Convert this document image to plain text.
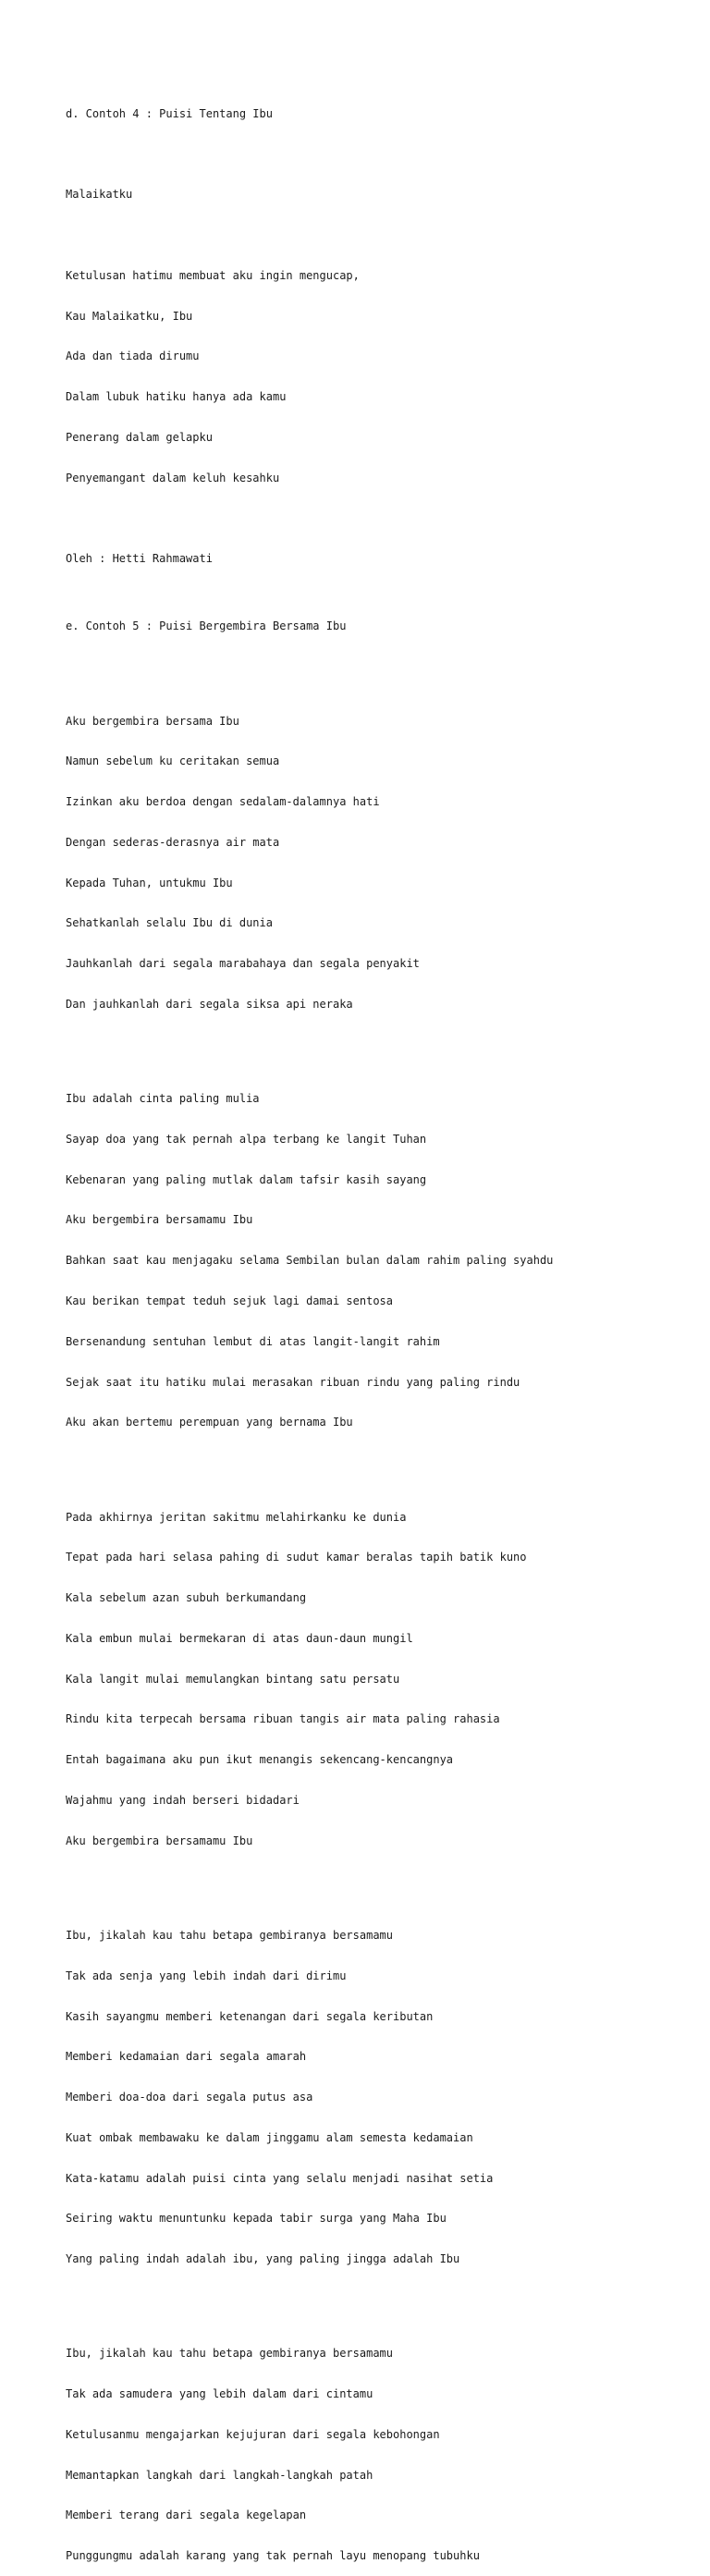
d. Contoh 4 : Puisi Tentang Ibu

Malaikatku

Ketulusan hatimu membuat aku ingin mengucap,

Kau Malaikatku, Ibu

Ada dan tiada dirumu

Dalam lubuk hatiku hanya ada kamu

Penerang dalam gelapku

Penyemangant dalam keluh kesahku

Oleh : Hetti Rahmawati

e. Contoh 5 : Puisi Bergembira Bersama Ibu

Aku bergembira bersama Ibu

Namun sebelum ku ceritakan semua

Izinkan aku berdoa dengan sedalam-dalamnya hati

Dengan sederas-derasnya air mata

Kepada Tuhan, untukmu Ibu

Sehatkanlah selalu Ibu di dunia

Jauhkanlah dari segala marabahaya dan segala penyakit

Dan jauhkanlah dari segala siksa api neraka

Ibu adalah cinta paling mulia

Sayap doa yang tak pernah alpa terbang ke langit Tuhan

Kebenaran yang paling mutlak dalam tafsir kasih sayang

Aku bergembira bersamamu Ibu

Bahkan saat kau menjagaku selama Sembilan bulan dalam rahim paling syahdu

Kau berikan tempat teduh sejuk lagi damai sentosa

Bersenandung sentuhan lembut di atas langit-langit rahim

Sejak saat itu hatiku mulai merasakan ribuan rindu yang paling rindu

Aku akan bertemu perempuan yang bernama Ibu

Pada akhirnya jeritan sakitmu melahirkanku ke dunia

Tepat pada hari selasa pahing di sudut kamar beralas tapih batik kuno

Kala sebelum azan subuh berkumandang

Kala embun mulai bermekaran di atas daun-daun mungil

Kala langit mulai memulangkan bintang satu persatu

Rindu kita terpecah bersama ribuan tangis air mata paling rahasia

Entah bagaimana aku pun ikut menangis sekencang-kencangnya

Wajahmu yang indah berseri bidadari

Aku bergembira bersamamu Ibu

Ibu, jikalah kau tahu betapa gembiranya bersamamu

Tak ada senja yang lebih indah dari dirimu

Kasih sayangmu memberi ketenangan dari segala keributan

Memberi kedamaian dari segala amarah

Memberi doa-doa dari segala putus asa

Kuat ombak membawaku ke dalam jinggamu alam semesta kedamaian

Kata-katamu adalah puisi cinta yang selalu menjadi nasihat setia

Seiring waktu menuntunku kepada tabir surga yang Maha Ibu

Yang paling indah adalah ibu, yang paling jingga adalah Ibu

Ibu, jikalah kau tahu betapa gembiranya bersamamu

Tak ada samudera yang lebih dalam dari cintamu

Ketulusanmu mengajarkan kejujuran dari segala kebohongan

Memantapkan langkah dari langkah-langkah patah

Memberi terang dari segala kegelapan

Punggungmu adalah karang yang tak pernah layu menopang tubuhku
